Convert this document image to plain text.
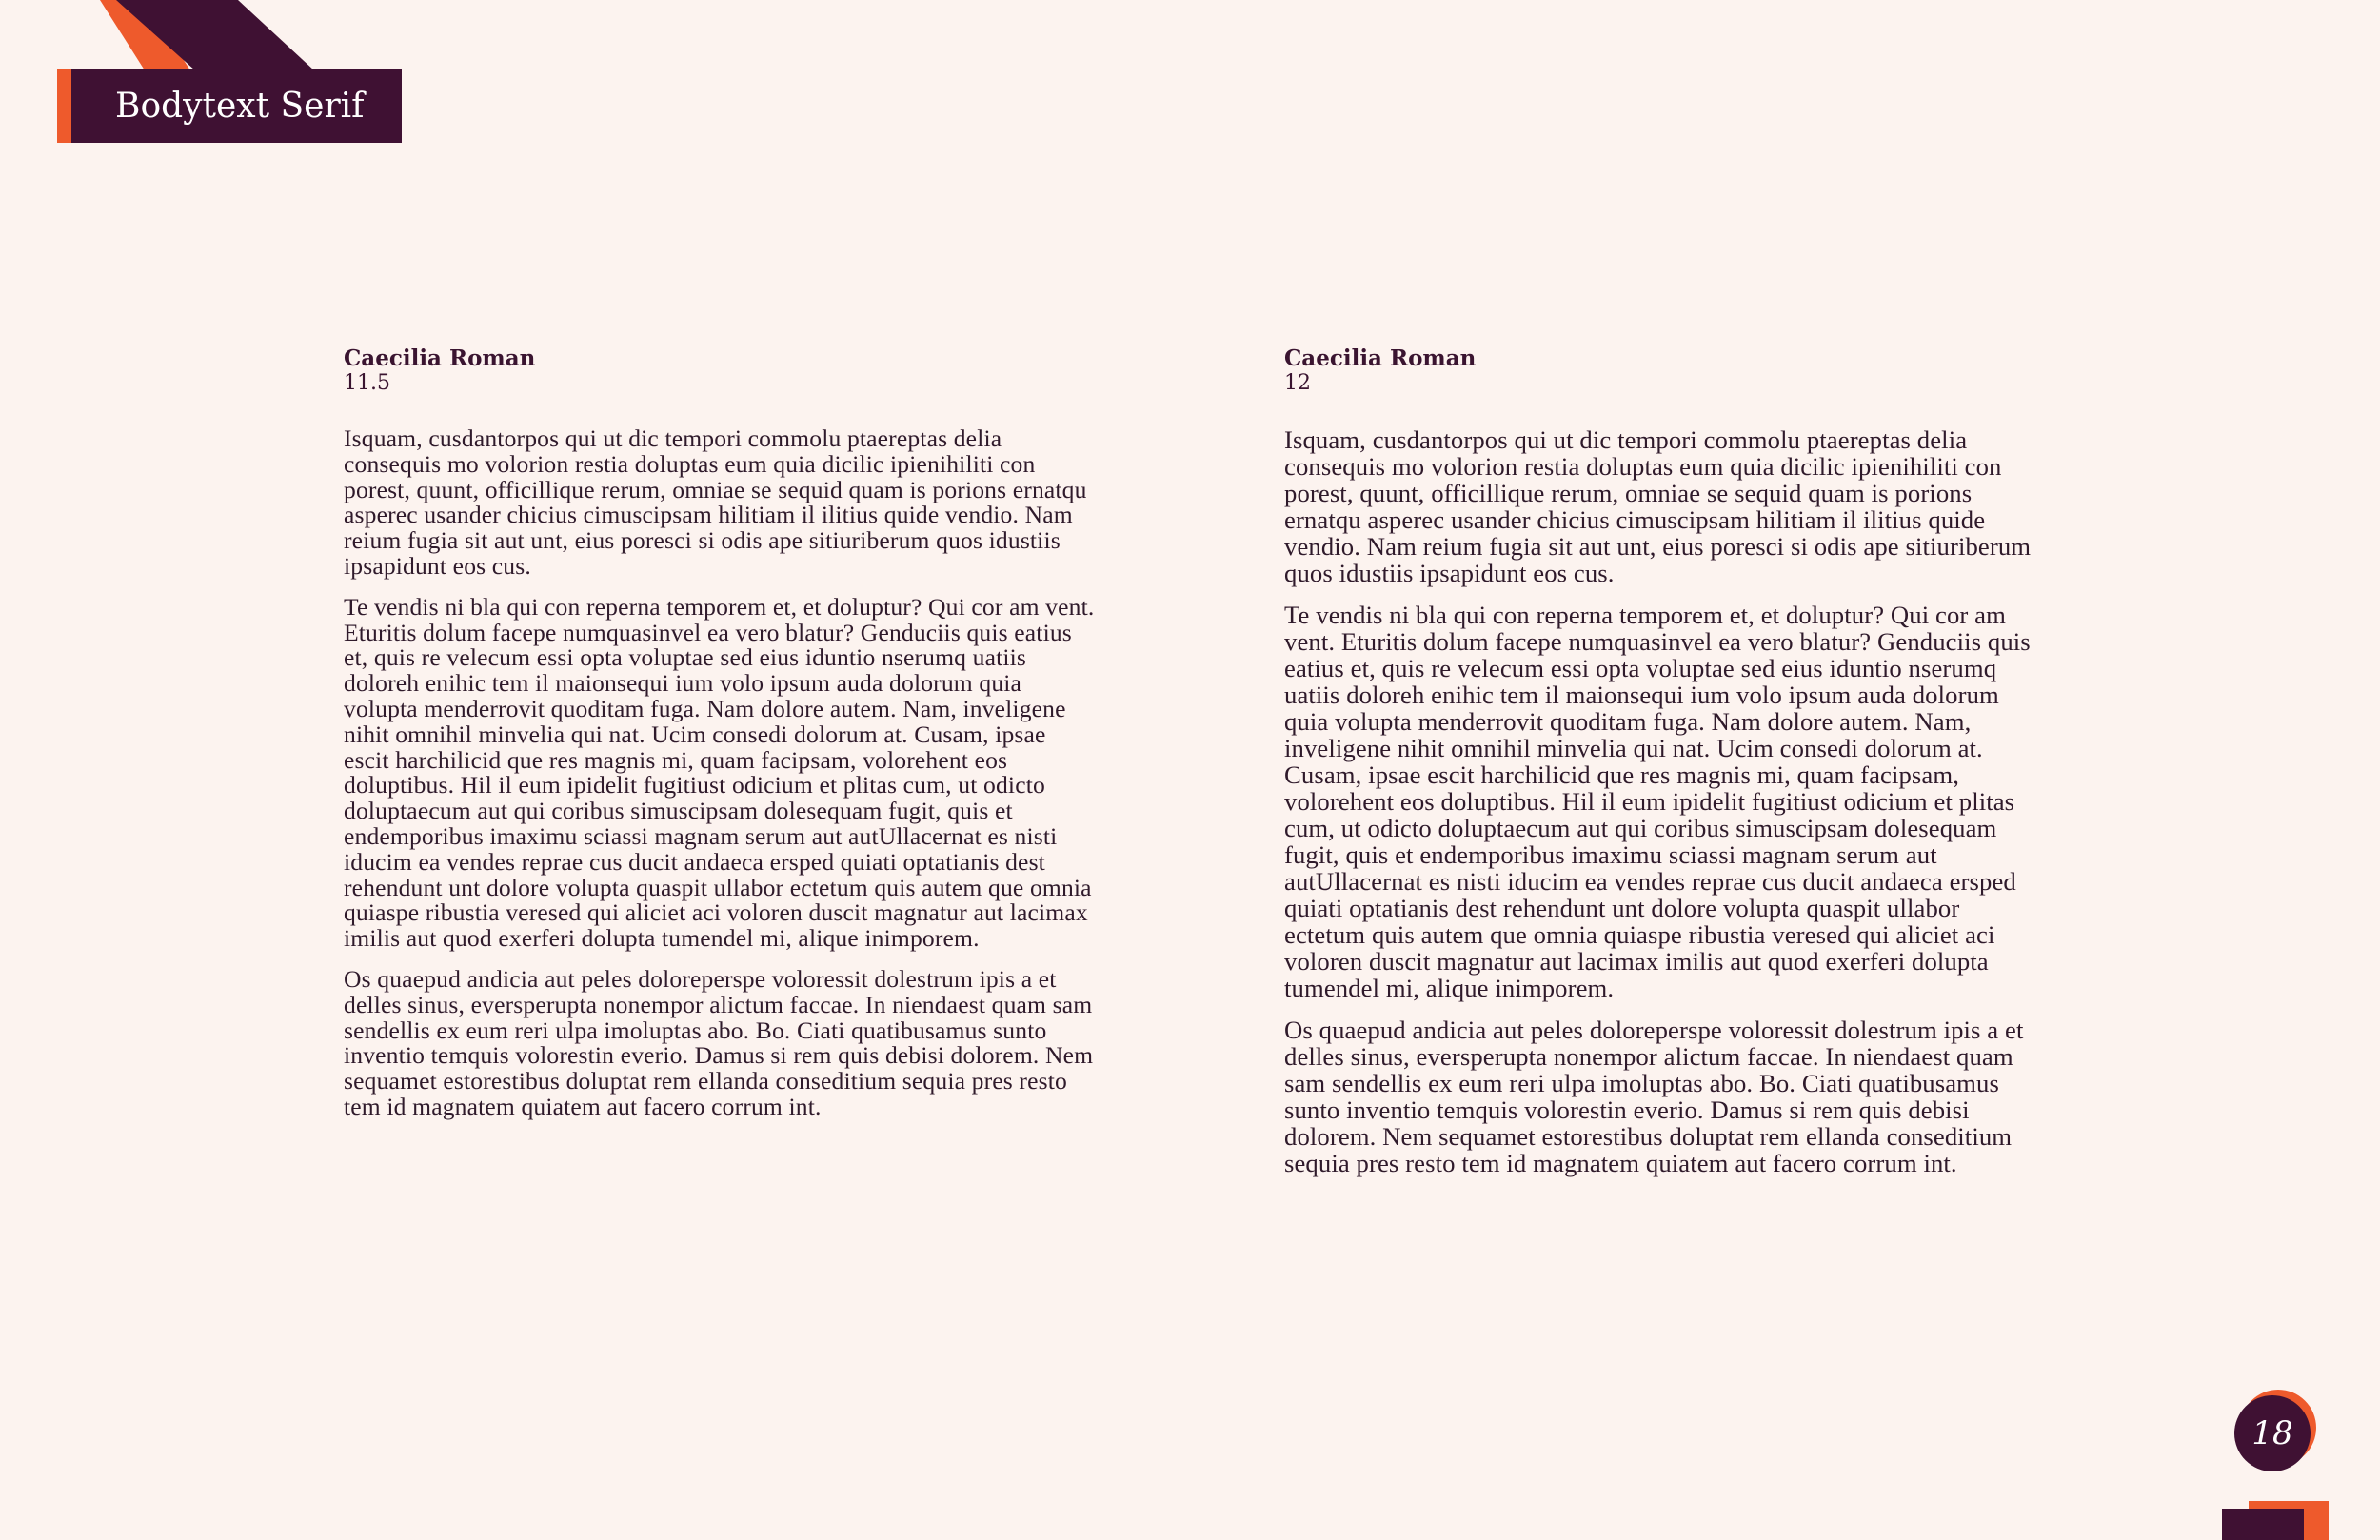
Bodytext Serif
Caecilia Roman
11.5

Isquam, cusdantorpos qui ut dic tempori commolu ptaereptas delia consequis mo volorion restia doluptas eum quia dicilic ipienihiliti con porest, quunt, officillique rerum, omniae se sequid quam is porions ernatqu asperec usander chicius cimuscipsam hilitiam il ilitius quide vendio. Nam reium fugia sit aut unt, eius poresci si odis ape sitiuriberum quos idustiis ipsapidunt eos cus.

Te vendis ni bla qui con reperna temporem et, et doluptur? Qui cor am vent. Eturitis dolum facepe numquasinvel ea vero blatur? Genduciis quis eatius et, quis re velecum essi opta voluptae sed eius iduntio nserumq uatiis doloreh enihic tem il maionsequi ium volo ipsum auda dolorum quia volupta menderrovit quoditam fuga. Nam dolore autem. Nam, inveligene nihit omnihil minvelia qui nat. Ucim consedi dolorum at. Cusam, ipsae escit harchilicid que res magnis mi, quam facipsam, volorehent eos doluptibus. Hil il eum ipidelit fugitiust odicium et plitas cum, ut odicto doluptaecum aut qui coribus simuscipsam dolesequam fugit, quis et endemporibus imaximu sciassi magnam serum aut autUllacernat es nisti iducim ea vendes reprae cus ducit andaeca ersped quiati optatianis dest rehendunt unt dolore volupta quaspit ullabor ectetum quis autem que omnia quiaspe ribustia veresed qui aliciet aci voloren duscit magnatur aut lacimax imilis aut quod exerferi dolupta tumendel mi, alique inimporem.

Os quaepud andicia aut peles doloreperspe voloressit dolestrum ipis a et delles sinus, eversperupta nonempor alictum faccae. In niendaest quam sam sendellis ex eum reri ulpa imoluptas abo. Bo. Ciati quatibusamus sunto inventio temquis volorestin everio. Damus si rem quis debisi dolorem. Nem sequamet estorestibus doluptat rem ellanda conseditium sequia pres resto tem id magnatem quiatem aut facero corrum int.

Caecilia Roman
12

Isquam, cusdantorpos qui ut dic tempori commolu ptaereptas delia consequis mo volorion restia doluptas eum quia dicilic ipienihiliti con porest, quunt, officillique rerum, omniae se sequid quam is porions ernatqu asperec usander chicius cimuscipsam hilitiam il ilitius quide vendio. Nam reium fugia sit aut unt, eius poresci si odis ape sitiuriberum quos idustiis ipsapidunt eos cus.

Te vendis ni bla qui con reperna temporem et, et doluptur? Qui cor am vent. Eturitis dolum facepe numquasinvel ea vero blatur? Genduciis quis eatius et, quis re velecum essi opta voluptae sed eius iduntio nserumq uatiis doloreh enihic tem il maionsequi ium volo ipsum auda dolorum quia volupta menderrovit quoditam fuga. Nam dolore autem. Nam, inveligene nihit omnihil minvelia qui nat. Ucim consedi dolorum at. Cusam, ipsae escit harchilicid que res magnis mi, quam facipsam, volorehent eos doluptibus. Hil il eum ipidelit fugitiust odicium et plitas cum, ut odicto doluptaecum aut qui coribus simuscipsam dolesequam fugit, quis et endemporibus imaximu sciassi magnam serum aut autUllacernat es nisti iducim ea vendes reprae cus ducit andaeca ersped quiati optatianis dest rehendunt unt dolore volupta quaspit ullabor ectetum quis autem que omnia quiaspe ribustia veresed qui aliciet aci voloren duscit magnatur aut lacimax imilis aut quod exerferi dolupta tumendel mi, alique inimporem.

Os quaepud andicia aut peles doloreperspe voloressit dolestrum ipis a et delles sinus, eversperupta nonempor alictum faccae. In niendaest quam sam sendellis ex eum reri ulpa imoluptas abo. Bo. Ciati quatibusamus sunto inventio temquis volorestin everio. Damus si rem quis debisi dolorem. Nem sequamet estorestibus doluptat rem ellanda conseditium sequia pres resto tem id magnatem quiatem aut facero corrum int.

18
